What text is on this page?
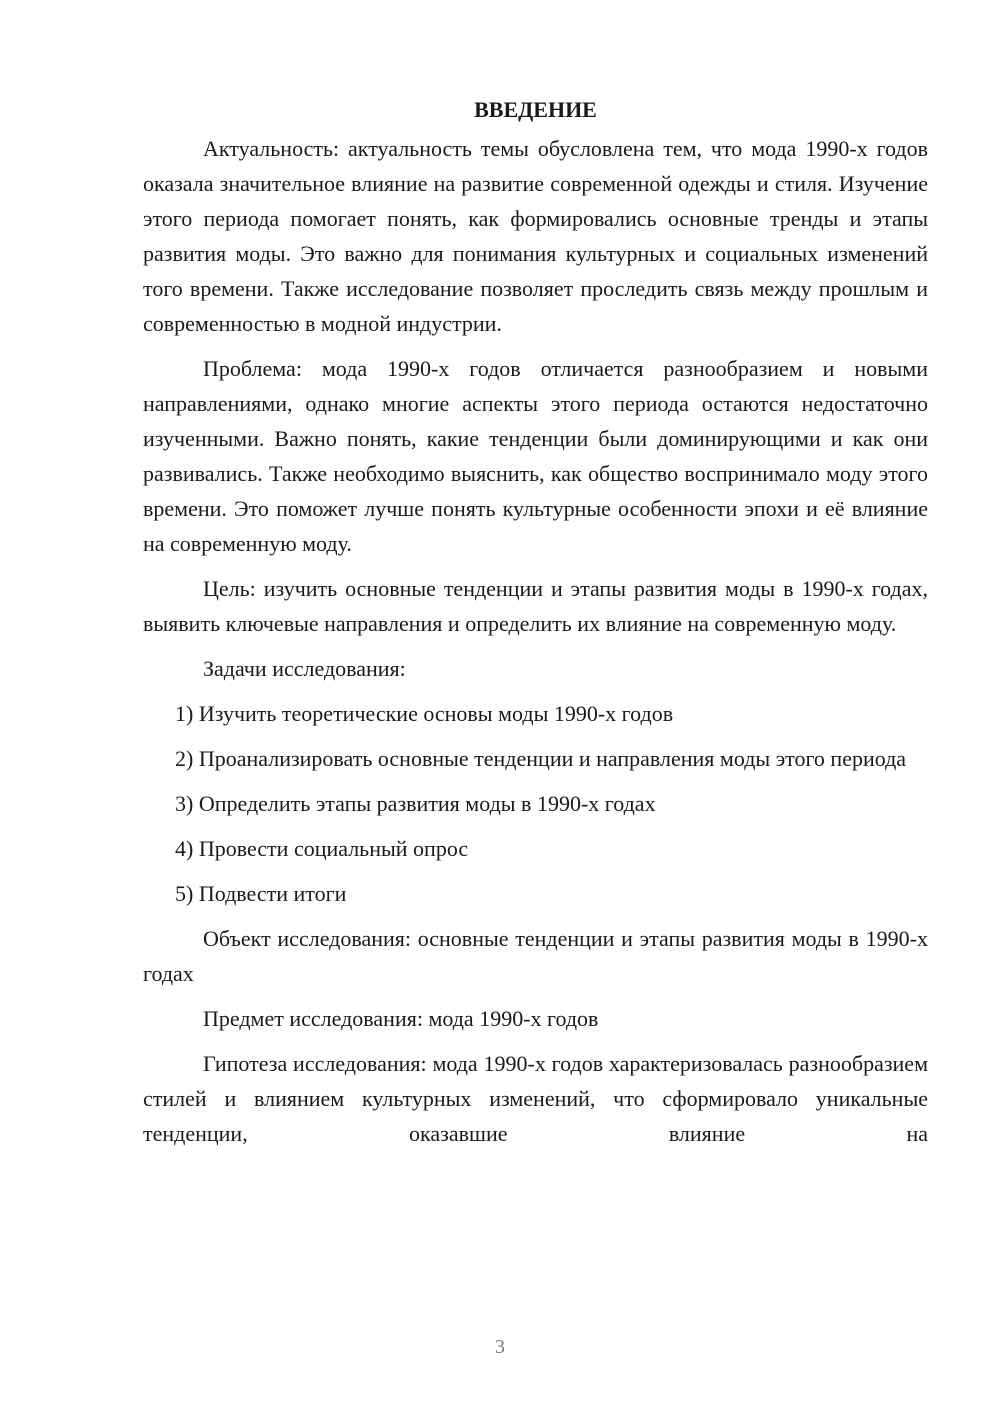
ВВЕДЕНИЕ

Актуальность: актуальность темы обусловлена тем, что мода 1990-х годов оказала значительное влияние на развитие современной одежды и стиля. Изучение этого периода помогает понять, как формировались основные тренды и этапы развития моды. Это важно для понимания культурных и социальных изменений того времени. Также исследование позволяет проследить связь между прошлым и современностью в модной индустрии.

Проблема: мода 1990-х годов отличается разнообразием и новыми направлениями, однако многие аспекты этого периода остаются недостаточно изученными. Важно понять, какие тенденции были доминирующими и как они развивались. Также необходимо выяснить, как общество воспринимало моду этого времени. Это поможет лучше понять культурные особенности эпохи и её влияние на современную моду.

Цель: изучить основные тенденции и этапы развития моды в 1990-х годах, выявить ключевые направления и определить их влияние на современную моду.

Задачи исследования:

1) Изучить теоретические основы моды 1990-х годов

2) Проанализировать основные тенденции и направления моды этого периода

3) Определить этапы развития моды в 1990-х годах

4) Провести социальный опрос

5) Подвести итоги

Объект исследования: основные тенденции и этапы развития моды в 1990-х годах

Предмет исследования: мода 1990-х годов

Гипотеза исследования: мода 1990-х годов характеризовалась разнообразием стилей и влиянием культурных изменений, что сформировало уникальные тенденции, оказавшие влияние на

3
